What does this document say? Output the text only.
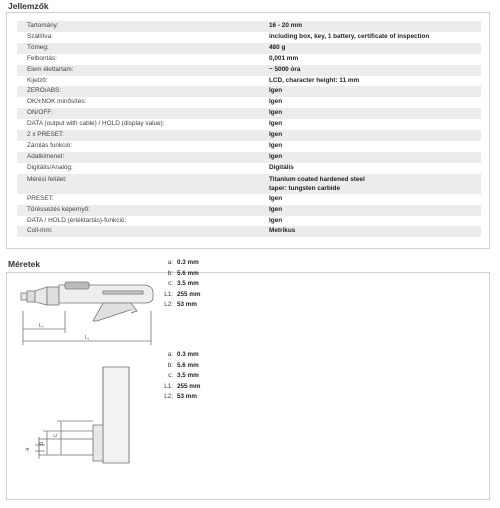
Jellemzők
Tartomány:	16 - 20 mm
Szállítva:	including box, key, 1 battery, certificate of inspection
Tömeg:	480 g
Felbontás:	0,001 mm
Elem élettartam:	~ 5000 óra
Kijelző:	LCD, character height: 11 mm
ZERO/ABS:	Igen
OK/±NOK minősítés:	Igen
ON/OFF:	Igen
DATA (output with cable) / HOLD (display value):	Igen
2 x PRESET:	Igen
Zárolás funkció:	Igen
Adatkimenet:	Igen
Digitális/Analóg:	Digitális
Mérési felület:	Titanium coated hardened steel
taper: tungsten carbide

PRESET:	Igen
Tűréssezés képernyő:	Igen
DATA / HOLD (értéktartás)-funkció:	Igen
Coll-mm:	Metrikus
Méretek
L₂
L₁
a: 0.3 mm
b: 5.6 mm
c: 3.5 mm
L1: 255 mm
L2: 53 mm
a
b
c
a: 0.3 mm
b: 5.6 mm
c: 3.5 mm
L1: 255 mm
L2: 53 mm
